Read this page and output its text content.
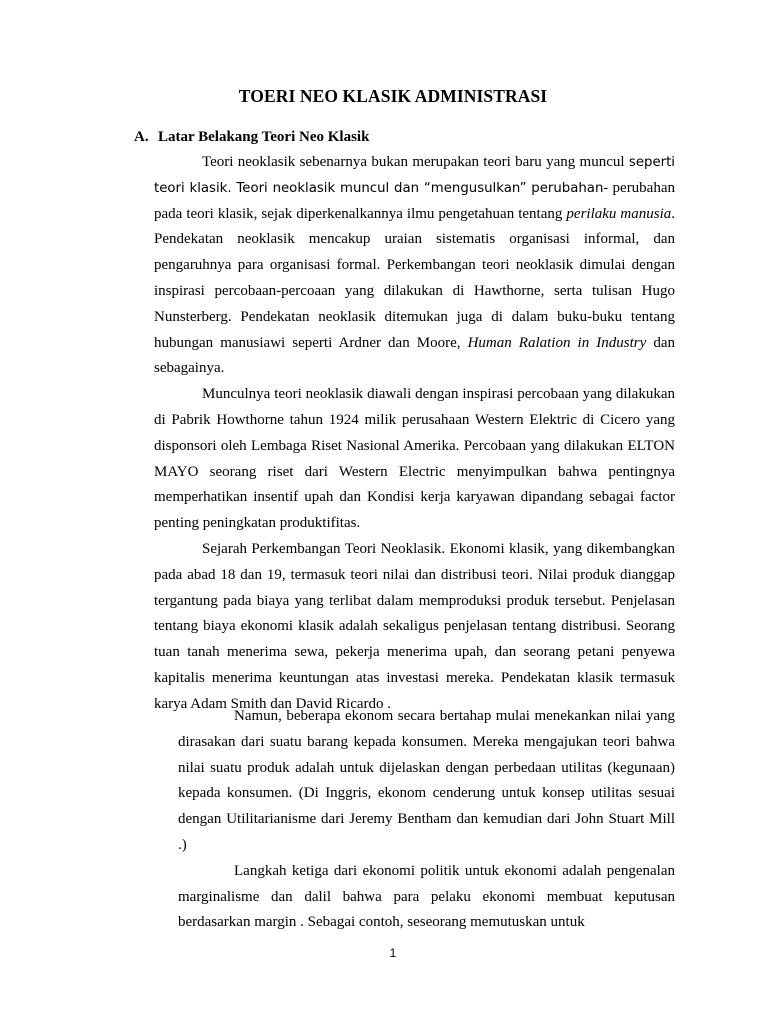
TOERI NEO KLASIK ADMINISTRASI
A. Latar Belakang Teori Neo Klasik

Teori neoklasik sebenarnya bukan merupakan teori baru yang muncul seperti teori klasik. Teori neoklasik muncul dan “mengusulkan” perubahan- perubahan pada teori klasik, sejak diperkenalkannya ilmu pengetahuan tentang perilaku manusia. Pendekatan neoklasik mencakup uraian sistematis organisasi informal, dan pengaruhnya para organisasi formal. Perkembangan teori neoklasik dimulai dengan inspirasi percobaan-percoaan yang dilakukan di Hawthorne, serta tulisan Hugo Nunsterberg. Pendekatan neoklasik ditemukan juga di dalam buku-buku tentang hubungan manusiawi seperti Ardner dan Moore, Human Ralation in Industry dan sebagainya.

Munculnya teori neoklasik diawali dengan inspirasi percobaan yang dilakukan di Pabrik Howthorne tahun 1924 milik perusahaan Western Elektric di Cicero yang disponsori oleh Lembaga Riset Nasional Amerika. Percobaan yang dilakukan ELTON MAYO seorang riset dari Western Electric menyimpulkan bahwa pentingnya memperhatikan insentif upah dan Kondisi kerja karyawan dipandang sebagai factor penting peningkatan produktifitas.

Sejarah Perkembangan Teori Neoklasik. Ekonomi klasik, yang dikembangkan pada abad 18 dan 19, termasuk teori nilai dan distribusi teori. Nilai produk dianggap tergantung pada biaya yang terlibat dalam memproduksi produk tersebut. Penjelasan tentang biaya ekonomi klasik adalah sekaligus penjelasan tentang distribusi. Seorang tuan tanah menerima sewa, pekerja menerima upah, dan seorang petani penyewa kapitalis menerima keuntungan atas investasi mereka. Pendekatan klasik termasuk karya Adam Smith dan David Ricardo .

Namun, beberapa ekonom secara bertahap mulai menekankan nilai yang dirasakan dari suatu barang kepada konsumen. Mereka mengajukan teori bahwa nilai suatu produk adalah untuk dijelaskan dengan perbedaan utilitas (kegunaan) kepada konsumen. (Di Inggris, ekonom cenderung untuk konsep utilitas sesuai dengan Utilitarianisme dari Jeremy Bentham dan kemudian dari John Stuart Mill .)

Langkah ketiga dari ekonomi politik untuk ekonomi adalah pengenalan marginalisme dan dalil bahwa para pelaku ekonomi membuat keputusan berdasarkan margin . Sebagai contoh, seseorang memutuskan untuk

1
